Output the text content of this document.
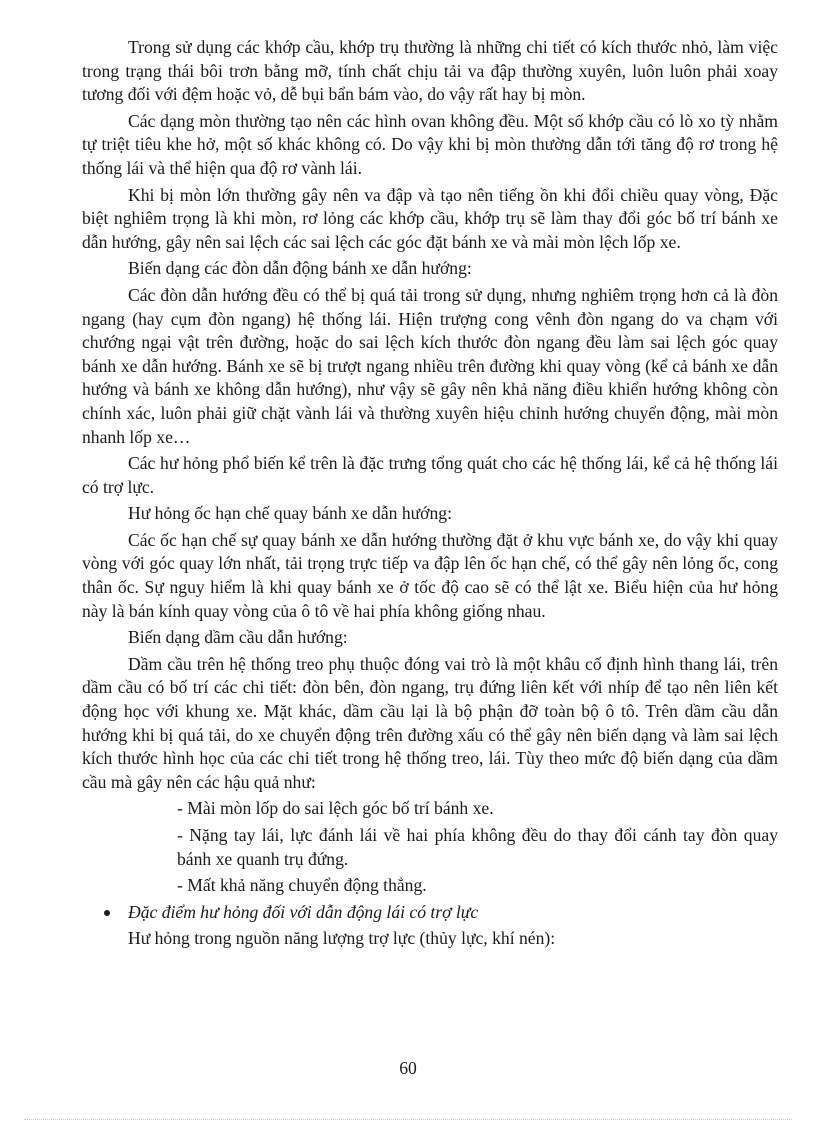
Trong sử dụng các khớp cầu, khớp trụ thường là những chi tiết có kích thước nhỏ, làm việc trong trạng thái bôi trơn bằng mỡ, tính chất chịu tải va đập thường xuyên, luôn luôn phải xoay tương đối với đệm hoặc vỏ, dễ bụi bẩn bám vào, do vậy rất hay bị mòn.

Các dạng mòn thường tạo nên các hình ovan không đều. Một số khớp cầu có lò xo tỳ nhằm tự triệt tiêu khe hở, một số khác không có. Do vậy khi bị mòn thường dẫn tới tăng độ rơ trong hệ thống lái và thể hiện qua độ rơ vành lái.

Khi bị mòn lớn thường gây nên va đập và tạo nên tiếng ồn khi đổi chiều quay vòng, Đặc biệt nghiêm trọng là khi mòn, rơ lỏng các khớp cầu, khớp trụ sẽ làm thay đổi góc bố trí bánh xe dẫn hướng, gây nên sai lệch các sai lệch các góc đặt bánh xe và mài mòn lệch lốp xe.

Biến dạng các đòn dẫn động bánh xe dẫn hướng:

Các đòn dẫn hướng đều có thể bị quá tải trong sử dụng, nhưng nghiêm trọng hơn cả là đòn ngang (hay cụm đòn ngang) hệ thống lái. Hiện trượng cong vênh đòn ngang do va chạm với chướng ngại vật trên đường, hoặc do sai lệch kích thước đòn ngang đều làm sai lệch góc quay bánh xe dẫn hướng. Bánh xe sẽ bị trượt ngang nhiều trên đường khi quay vòng (kể cả bánh xe dẫn hướng và bánh xe không dẫn hướng), như vậy sẽ gây nên khả năng điều khiển hướng không còn chính xác, luôn phải giữ chặt vành lái và thường xuyên hiệu chỉnh hướng chuyển động, mài mòn nhanh lốp xe…

Các hư hỏng phổ biến kể trên là đặc trưng tổng quát cho các hệ thống lái, kể cả hệ thống lái có trợ lực.

Hư hỏng ốc hạn chế quay bánh xe dẫn hướng:

Các ốc hạn chế sự quay bánh xe dẫn hướng thường đặt ở khu vực bánh xe, do vậy khi quay vòng với góc quay lớn nhất, tải trọng trực tiếp va đập lên ốc hạn chế, có thể gây nên lỏng ốc, cong thân ốc. Sự nguy hiểm là khi quay bánh xe ở tốc độ cao sẽ có thể lật xe. Biểu hiện của hư hỏng này là bán kính quay vòng của ô tô về hai phía không giống nhau.

Biến dạng dầm cầu dẫn hướng:

Dầm cầu trên hệ thống treo phụ thuộc đóng vai trò là một khâu cố định hình thang lái, trên dầm cầu có bố trí các chi tiết: đòn bên, đòn ngang, trụ đứng liên kết với nhíp để tạo nên liên kết động học với khung xe. Mặt khác, dầm cầu lại là bộ phận đỡ toàn bộ ô tô. Trên dầm cầu dẫn hướng khi bị quá tải, do xe chuyển động trên đường xấu có thể gây nên biến dạng và làm sai lệch kích thước hình học của các chi tiết trong hệ thống treo, lái. Tùy theo mức độ biến dạng của dầm cầu mà gây nên các hậu quả như:

- Mài mòn lốp do sai lệch góc bố trí bánh xe.

- Nặng tay lái, lực đánh lái về hai phía không đều do thay đổi cánh tay đòn quay bánh xe quanh trụ đứng.

- Mất khả năng chuyển động thẳng.

Đặc điểm hư hỏng đối với dẫn động lái có trợ lực

Hư hỏng trong nguồn năng lượng trợ lực (thủy lực, khí nén):

60
